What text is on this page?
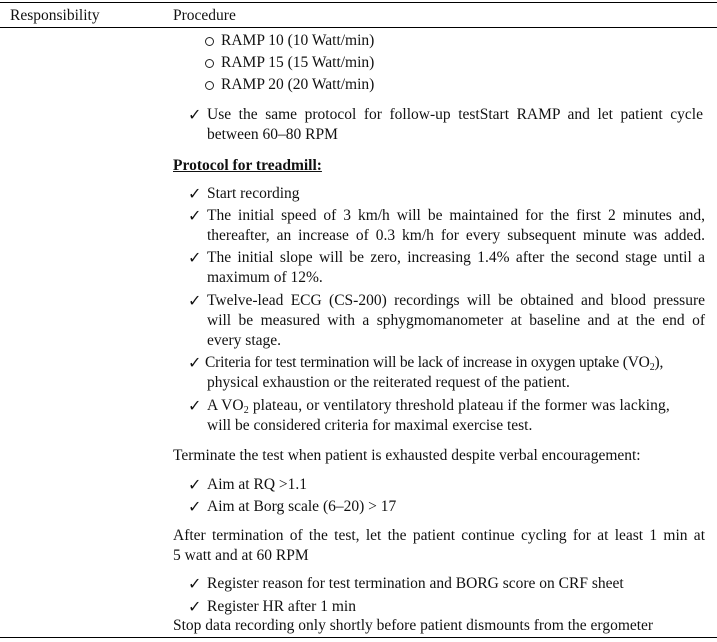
Responsibility	Procedure
RAMP 10 (10 Watt/min)
RAMP 15 (15 Watt/min)
RAMP 20 (20 Watt/min)
✓ Use the same protocol for follow-up testStart RAMP and let patient cycle
between 60–80 RPM
Protocol for treadmill:
✓ Start recording
✓ The initial speed of 3 km/h will be maintained for the first 2 minutes and,
thereafter, an increase of 0.3 km/h for every subsequent minute was added.
✓ The initial slope will be zero, increasing 1.4% after the second stage until a
maximum of 12%.
✓ Twelve-lead ECG (CS-200) recordings will be obtained and blood pressure
will be measured with a sphygmomanometer at baseline and at the end of
every stage.
✓ Criteria for test termination will be lack of increase in oxygen uptake $(VO_2)$,
physical exhaustion or the reiterated request of the patient.
✓ A $VO_2$ plateau, or ventilatory threshold plateau if the former was lacking,
will be considered criteria for maximal exercise test.
Terminate the test when patient is exhausted despite verbal encouragement:
✓ Aim at RQ >1.1
✓ Aim at Borg scale (6–20) > 17
After termination of the test, let the patient continue cycling for at least 1 min at
5 watt and at 60 RPM
✓ Register reason for test termination and BORG score on CRF sheet
✓ Register HR after 1 min
Stop data recording only shortly before patient dismounts from the ergometer
